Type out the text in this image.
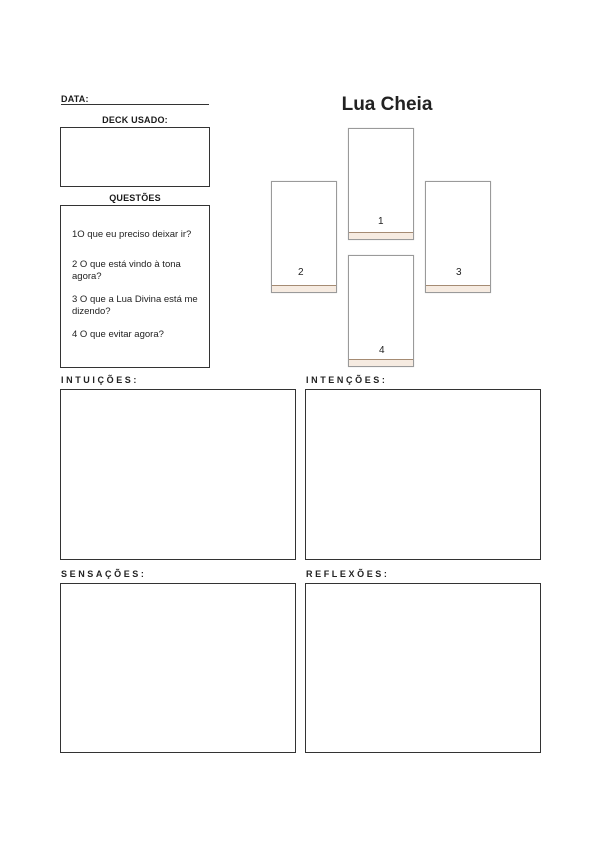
DATA:
DECK USADO:
QUESTÕES
1O que eu preciso deixar ir?
2 O que está vindo à tona agora?
3 O que a Lua Divina está me dizendo?
4 O que evitar agora?
Lua Cheia
1
2	3
4
INTUIÇÕES:	INTENÇÕES:
SENSAÇÕES:	REFLEXÕES:
